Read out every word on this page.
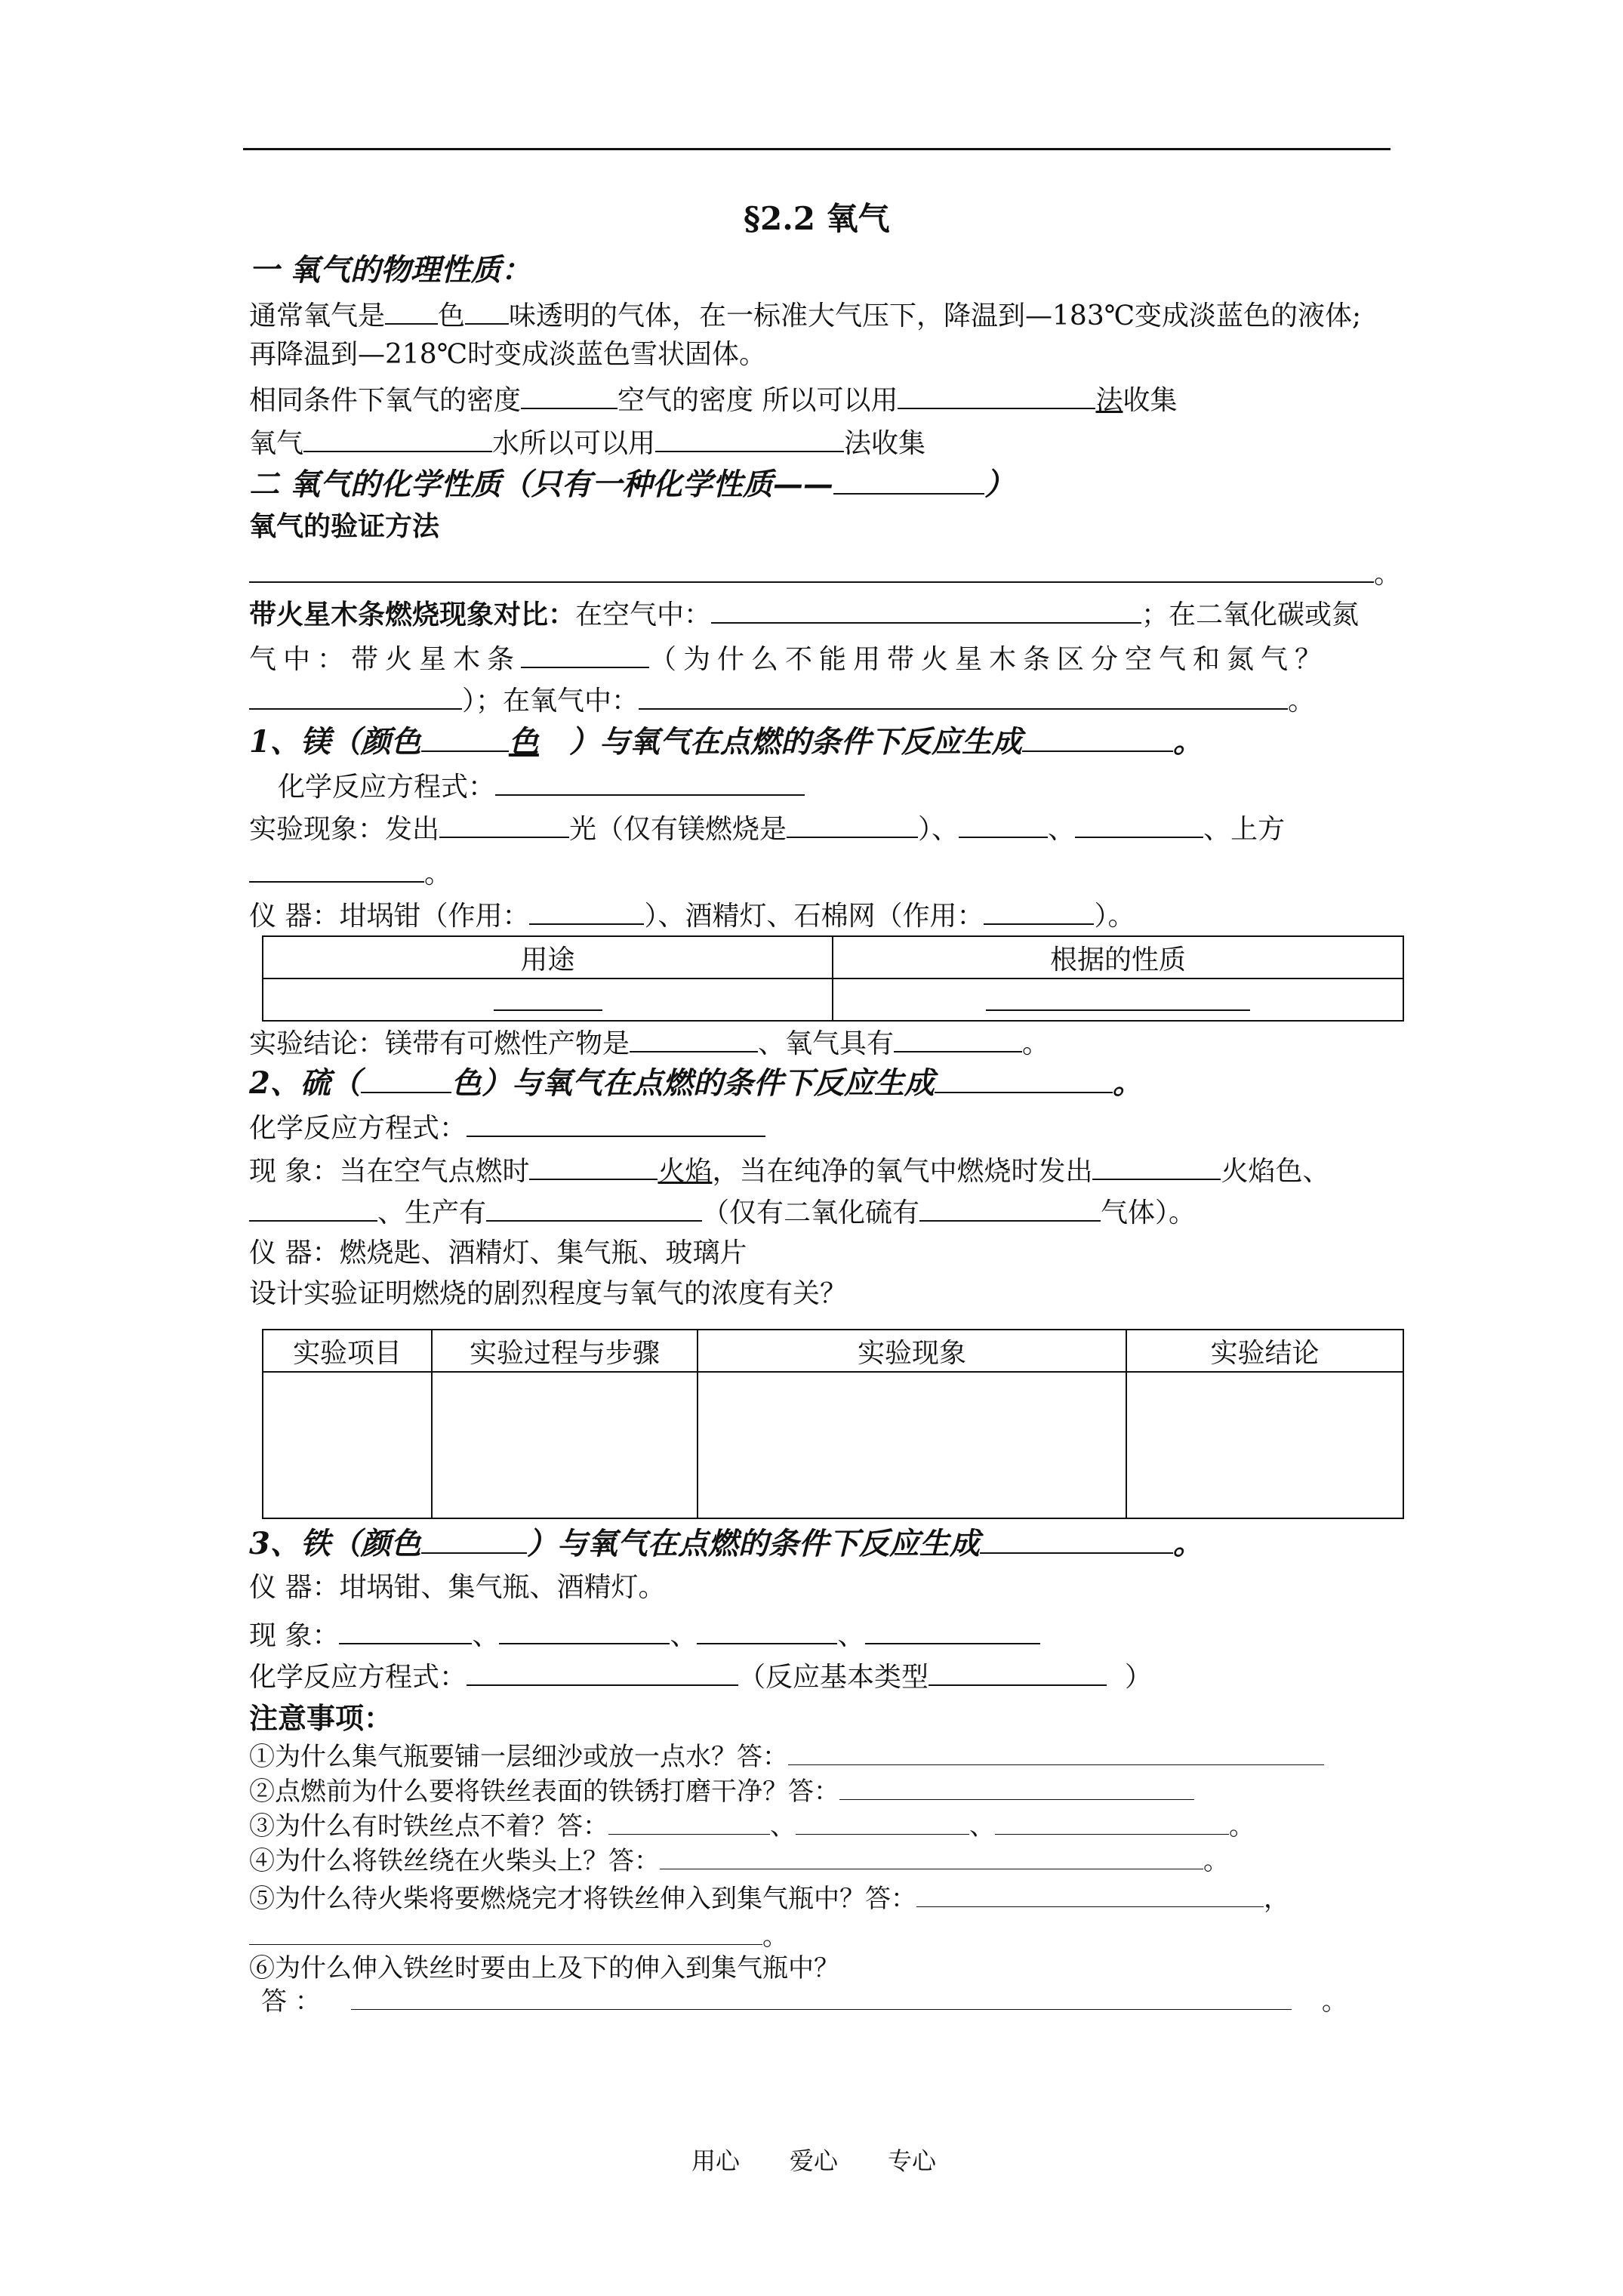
§2.2 氧气
一 氧气的物理性质：
通常氧气是 色 味透明的气体，在一标准大气压下，降温到—183℃变成淡蓝色的液体;
再降温到—218℃时变成淡蓝色雪状固体。
相同条件下氧气的密度	空气的密度 所以可以用	法收集
氧气	水所以可以用	法收集
二 氧气的化学性质（只有一种化学性质——	）
氧气的验证方法
。
带火星木条燃烧现象对比：在空气中：	；在二氧化碳或氮
气中：带火星木条	（为什么不能用带火星木条区分空气和氮气？
）；在氧气中：	。
1、镁（颜色	色 ）与氧气在点燃的条件下反应生成	。
化学反应方程式：
实验现象：发出	光（仅有镁燃烧是	）、	、	、上方
。
仪 器：坩埚钳（作用：	）、酒精灯、石棉网（作用：	）。
用途	根据的性质

实验结论：镁带有可燃性产物是	、氧气具有	。
2、硫（	色）与氧气在点燃的条件下反应生成	。
化学反应方程式：
现 象：当在空气点燃时	火焰，当在纯净的氧气中燃烧时发出	火焰色、
、生产有	（仅有二氧化硫有	气体）。
仪 器：燃烧匙、酒精灯、集气瓶、玻璃片
设计实验证明燃烧的剧烈程度与氧气的浓度有关？
实验项目	实验过程与步骤	实验现象	实验结论

3、铁（颜色	）与氧气在点燃的条件下反应生成	。
仪 器：坩埚钳、集气瓶、酒精灯。
现 象：	、	、	、
化学反应方程式：	（反应基本类型	）
注意事项：
①为什么集气瓶要铺一层细沙或放一点水？答：
②点燃前为什么要将铁丝表面的铁锈打磨干净？答：
③为什么有时铁丝点不着？答：	、	、	。
④为什么将铁丝绕在火柴头上？答：	。
⑤为什么待火柴将要燃烧完才将铁丝伸入到集气瓶中？答：	，
。
⑥为什么伸入铁丝时要由上及下的伸入到集气瓶中？
答 ：	。
用心 爱心 专心
